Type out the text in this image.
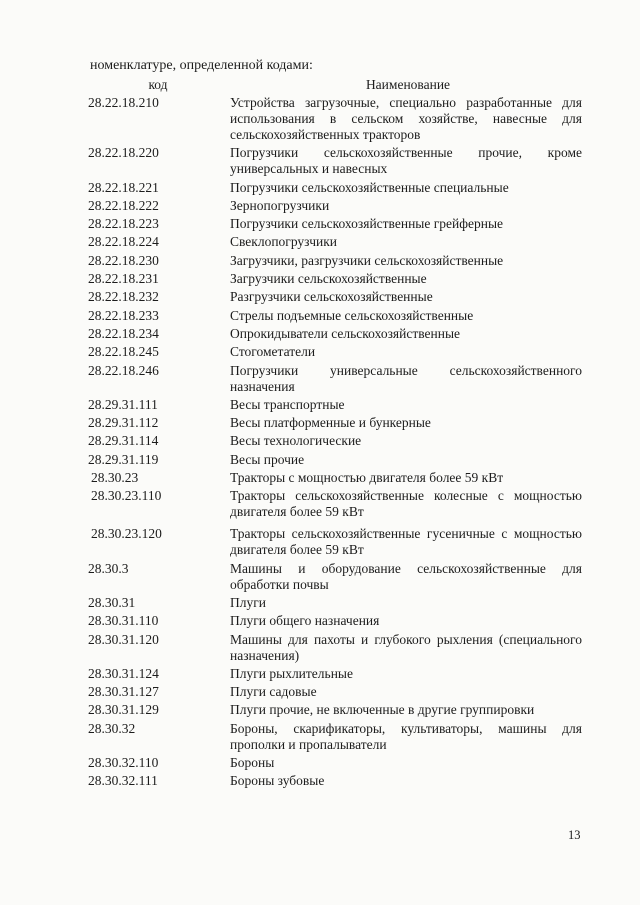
номенклатуре, определенной кодами:
код	Наименование
28.22.18.210	Устройства загрузочные, специально разработанные для использования в сельском хозяйстве, навесные для сельскохозяйственных тракторов
28.22.18.220	Погрузчики сельскохозяйственные прочие, кроме универсальных и навесных
28.22.18.221	Погрузчики сельскохозяйственные специальные
28.22.18.222	Зернопогрузчики
28.22.18.223	Погрузчики сельскохозяйственные грейферные
28.22.18.224	Свеклопогрузчики
28.22.18.230	Загрузчики, разгрузчики сельскохозяйственные
28.22.18.231	Загрузчики сельскохозяйственные
28.22.18.232	Разгрузчики сельскохозяйственные
28.22.18.233	Стрелы подъемные сельскохозяйственные
28.22.18.234	Опрокидыватели сельскохозяйственные
28.22.18.245	Стогометатели
28.22.18.246	Погрузчики универсальные сельскохозяйственного назначения
28.29.31.111	Весы транспортные
28.29.31.112	Весы платформенные и бункерные
28.29.31.114	Весы технологические
28.29.31.119	Весы прочие
28.30.23	Тракторы с мощностью двигателя более 59 кВт
28.30.23.110	Тракторы сельскохозяйственные колесные с мощностью двигателя более 59 кВт
28.30.23.120	Тракторы сельскохозяйственные гусеничные с мощностью двигателя более 59 кВт
28.30.3	Машины и оборудование сельскохозяйственные для обработки почвы
28.30.31	Плуги
28.30.31.110	Плуги общего назначения
28.30.31.120	Машины для пахоты и глубокого рыхления (специального назначения)
28.30.31.124	Плуги рыхлительные
28.30.31.127	Плуги садовые
28.30.31.129	Плуги прочие, не включенные в другие группировки
28.30.32	Бороны, скарификаторы, культиваторы, машины для прополки и пропалыватели
28.30.32.110	Бороны
28.30.32.111	Бороны зубовые
13
